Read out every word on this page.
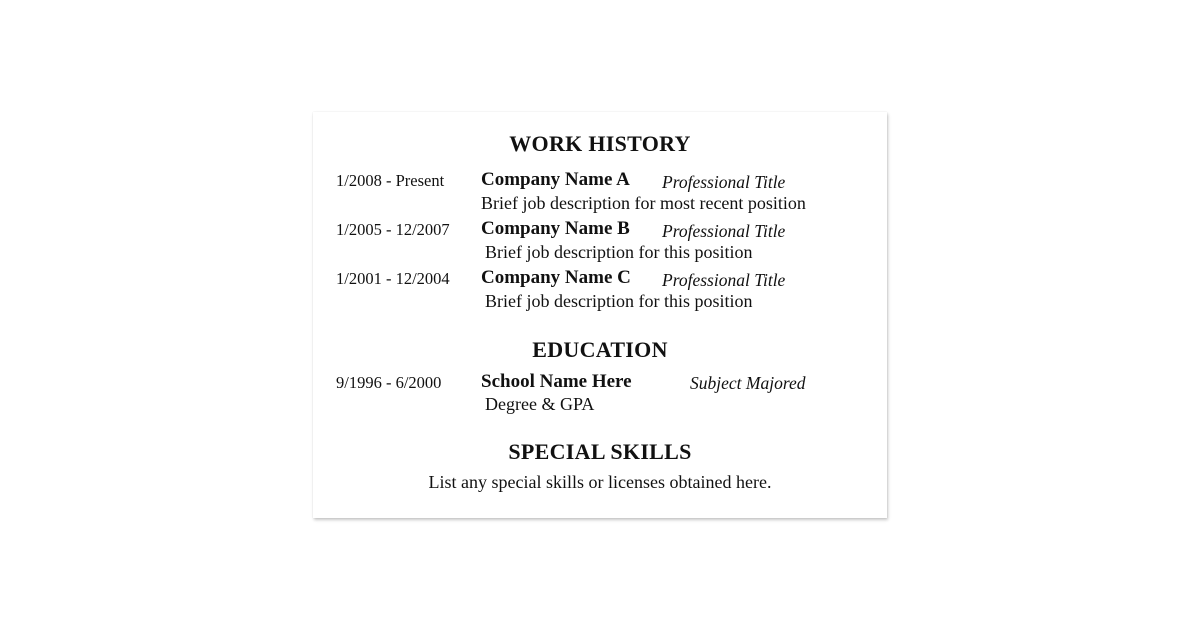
WORK HISTORY
1/2008 - Present Company Name A Professional Title
Brief job description for most recent position
1/2005 - 12/2007 Company Name B Professional Title
Brief job description for this position
1/2001 - 12/2004 Company Name C Professional Title
Brief job description for this position
EDUCATION
9/1996 - 6/2000 School Name Here	Subject Majored
Degree & GPA
SPECIAL SKILLS
List any special skills or licenses obtained here.
